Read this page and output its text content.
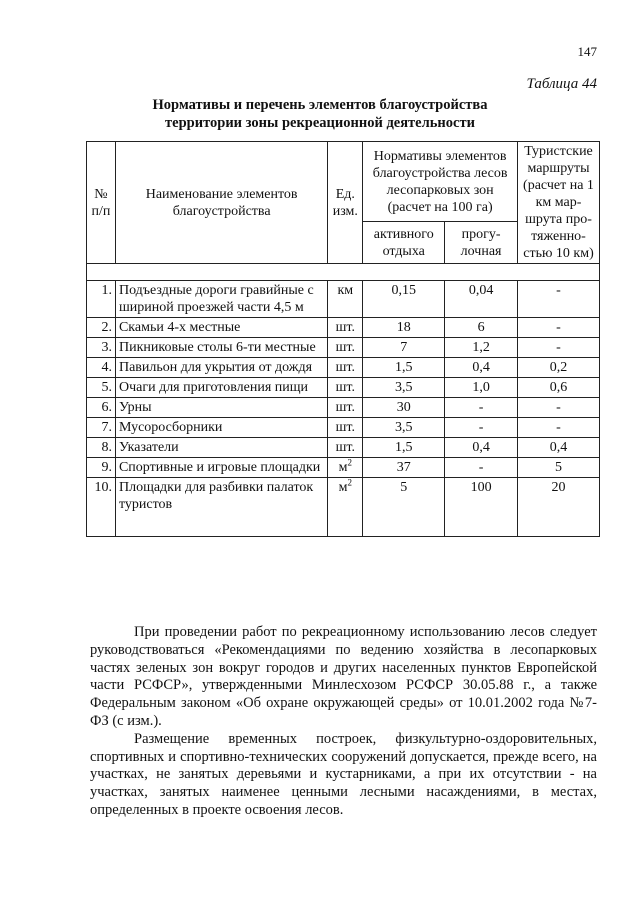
147
Таблица 44
Нормативы и перечень элементов благоустройства
территории зоны рекреационной деятельности
№ п/п	Наименование элементов благоустройства	Ед. изм.	Нормативы элементов благоустройства лесов лесопарковых зон (расчет на 100 га)		Туристские маршруты (расчет на 1 км мар-шрута про-тяженно-стью 10 км)
			активного отдыха	прогу-лочная	

1.	Подъездные дороги гравийные с шириной проезжей части 4,5 м	км	0,15	0,04	-
2.	Скамьи 4-х местные	шт.	18	6	-
3.	Пикниковые столы 6-ти местные	шт.	7	1,2	-
4.	Павильон для укрытия от дождя	шт.	1,5	0,4	0,2
5.	Очаги для приготовления пищи	шт.	3,5	1,0	0,6
6.	Урны	шт.	30	-	-
7.	Мусоросборники	шт.	3,5	-	-
8.	Указатели	шт.	1,5	0,4	0,4
9.	Спортивные и игровые площадки	$м^2$	37	-	5
10.	Площадки для разбивки палаток туристов	$м^2$	5	100	20

При проведении работ по рекреационному использованию лесов следует руководствоваться «Рекомендациями по ведению хозяйства в лесопарковых частях зеленых зон вокруг городов и других населенных пунктов Европейской части РСФСР», утвержденными Минлесхозом РСФСР 30.05.88 г., а также Федеральным законом «Об охране окружающей среды» от 10.01.2002 года №7-ФЗ (с изм.).

Размещение временных построек, физкультурно-оздоровительных, спортивных и спортивно-технических сооружений допускается, прежде всего, на участках, не занятых деревьями и кустарниками, а при их отсутствии - на участках, занятых наименее ценными лесными насаждениями, в местах, определенных в проекте освоения лесов.
